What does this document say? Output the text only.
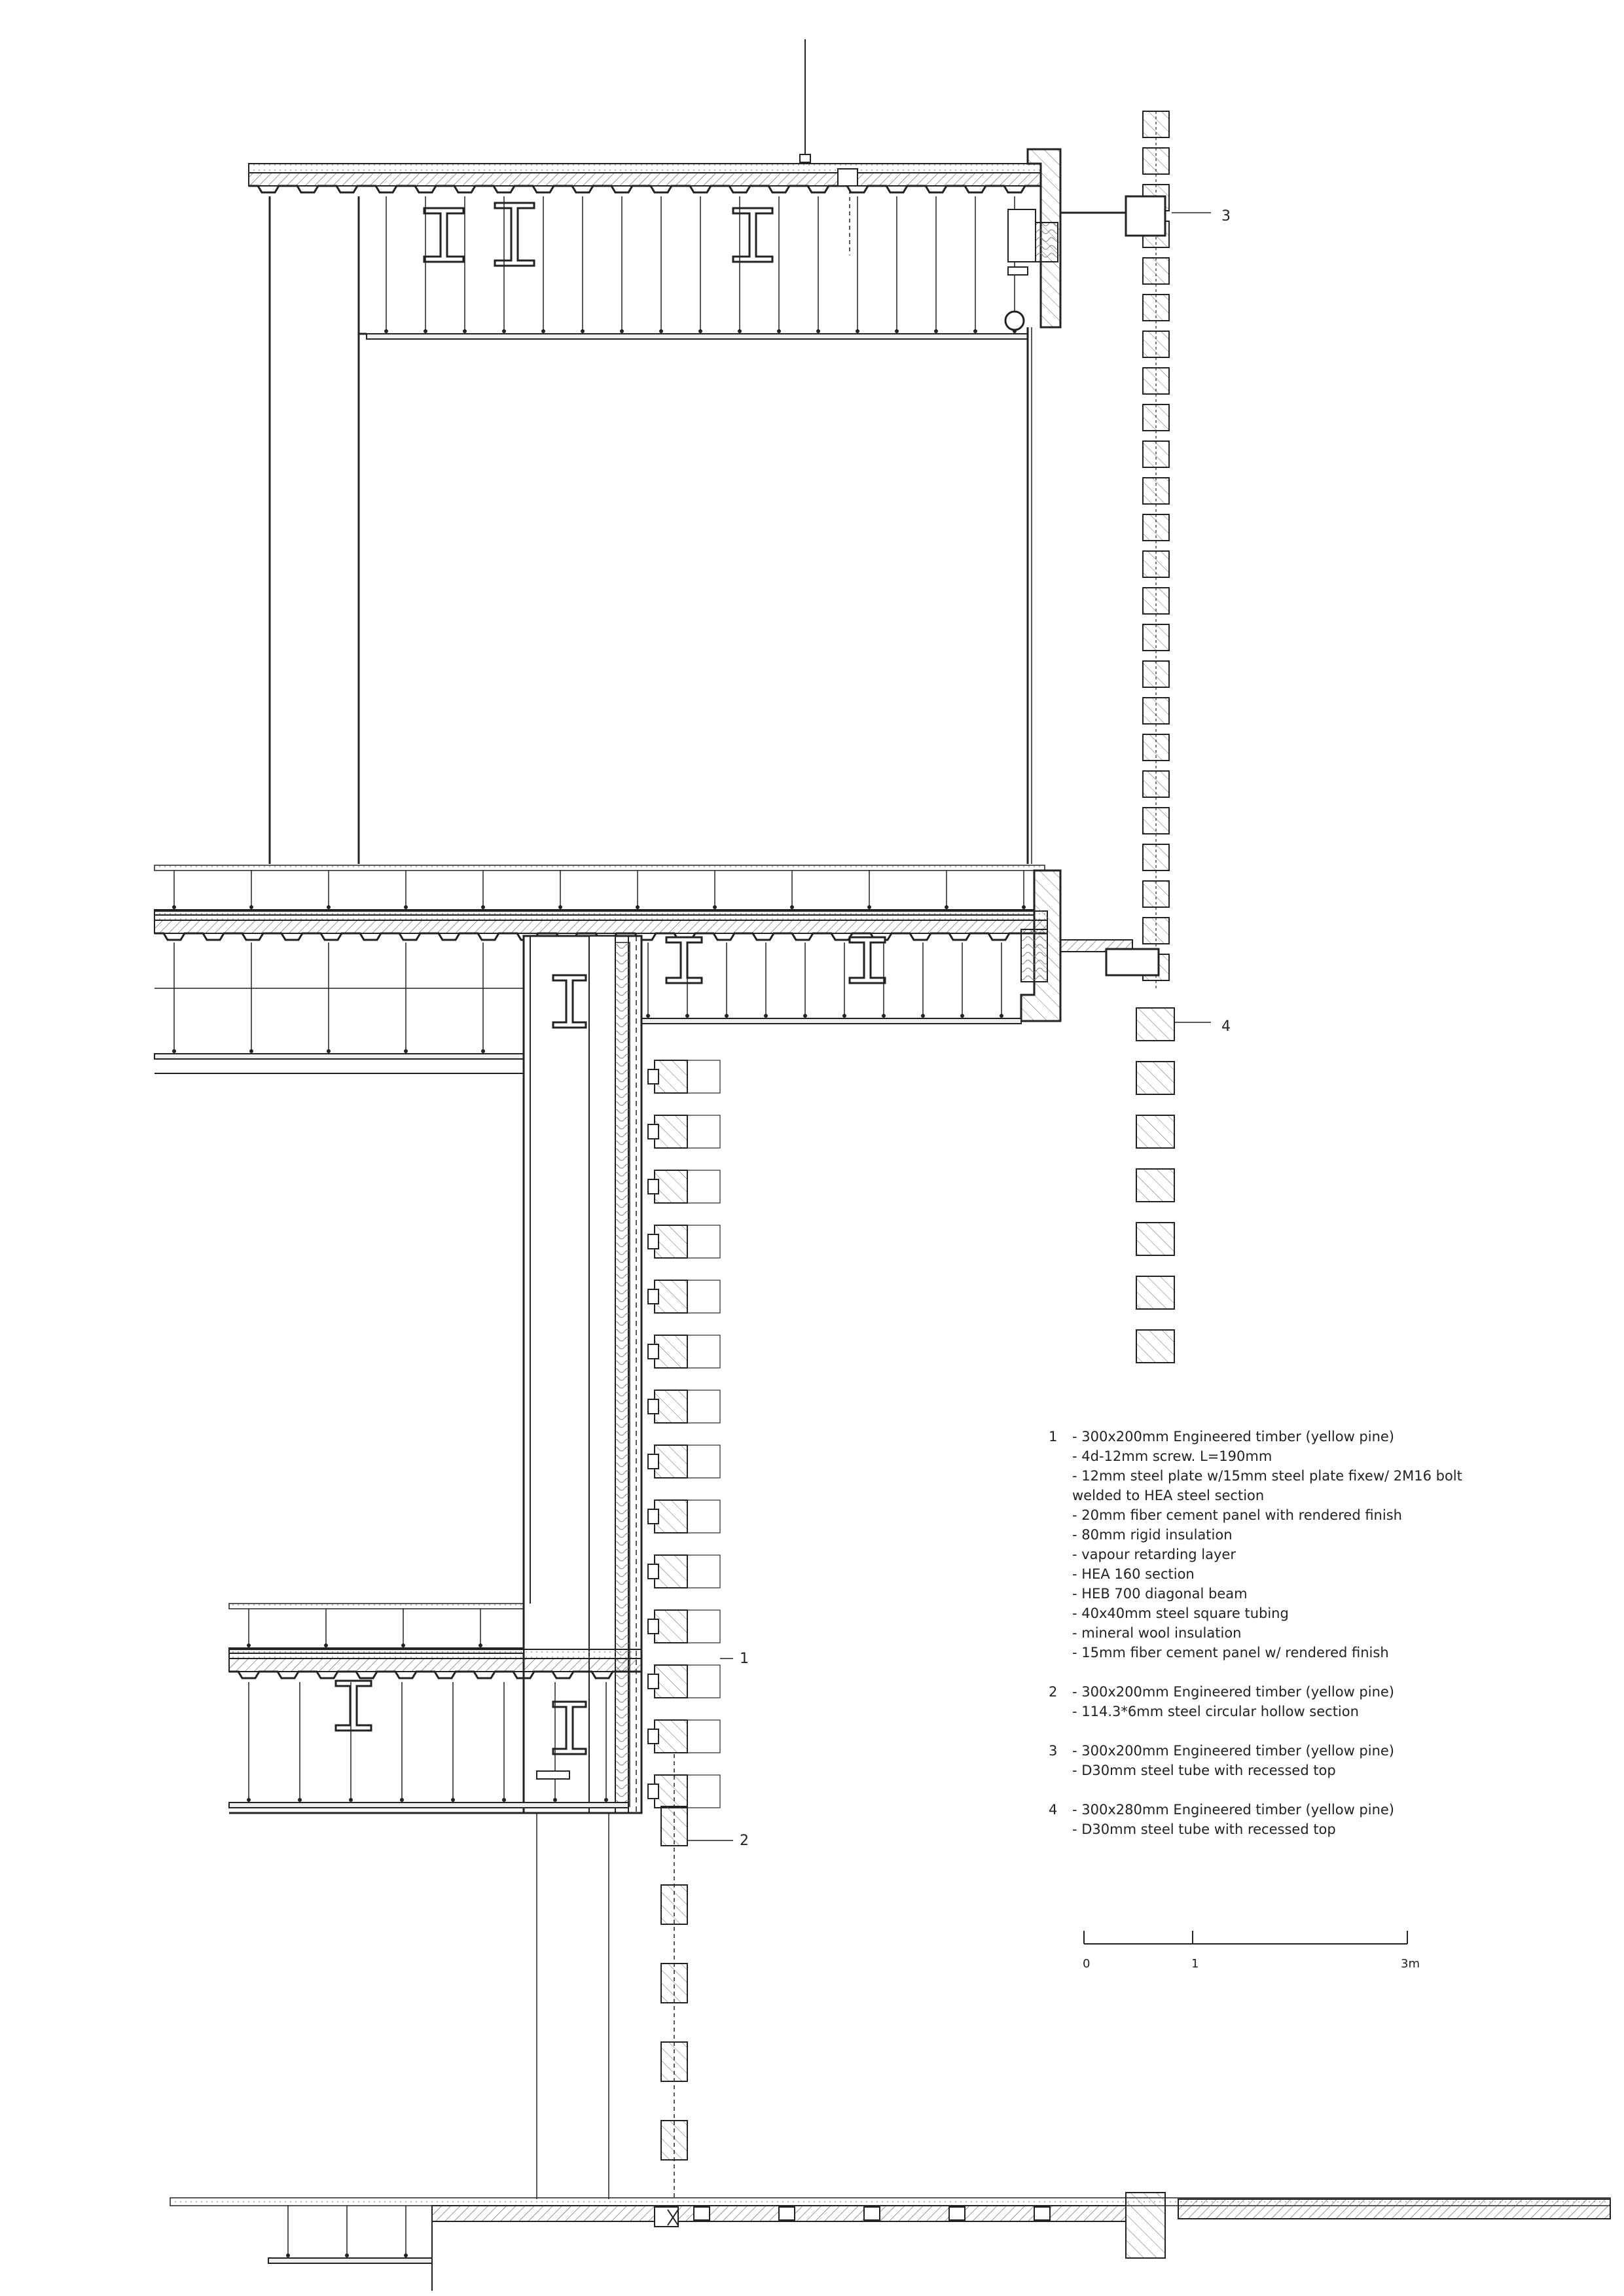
3
4
1
2
1 - 300x200mm Engineered timber (yellow pine)
- 4d-12mm screw. L=190mm
- 12mm steel plate w/15mm steel plate fixew/ 2M16 bolt
welded to HEA steel section
- 20mm fiber cement panel with rendered finish
- 80mm rigid insulation
- vapour retarding layer
- HEA 160 section
- HEB 700 diagonal beam
- 40x40mm steel square tubing
- mineral wool insulation
- 15mm fiber cement panel w/ rendered finish
2 - 300x200mm Engineered timber (yellow pine)
- 114.3*6mm steel circular hollow section
3 - 300x200mm Engineered timber (yellow pine)
- D30mm steel tube with recessed top
4 - 300x280mm Engineered timber (yellow pine)
- D30mm steel tube with recessed top
0	1	3m
